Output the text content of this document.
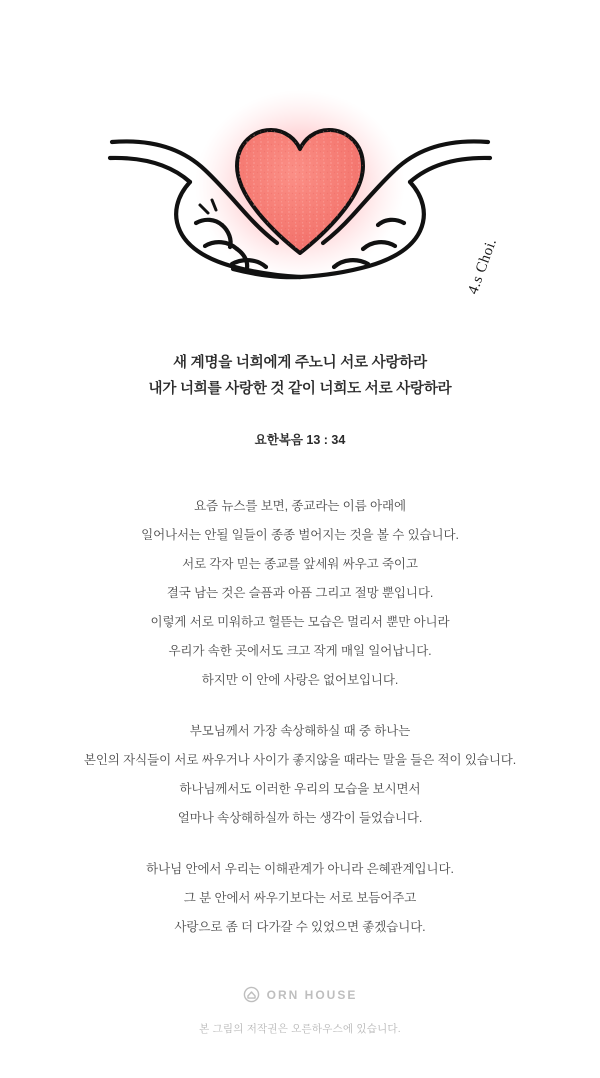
4.s Choi.
새 계명을 너희에게 주노니 서로 사랑하라
내가 너희를 사랑한 것 같이 너희도 서로 사랑하라
요한복음 13 : 34
요즘 뉴스를 보면, 종교라는 이름 아래에
일어나서는 안될 일들이 종종 벌어지는 것을 볼 수 있습니다.
서로 각자 믿는 종교를 앞세워 싸우고 죽이고
결국 남는 것은 슬픔과 아픔 그리고 절망 뿐입니다.
이렇게 서로 미워하고 헐뜯는 모습은 멀리서 뿐만 아니라
우리가 속한 곳에서도 크고 작게 매일 일어납니다.
하지만 이 안에 사랑은 없어보입니다.
부모님께서 가장 속상해하실 때 중 하나는
본인의 자식들이 서로 싸우거나 사이가 좋지않을 때라는 말을 들은 적이 있습니다.
하나님께서도 이러한 우리의 모습을 보시면서
얼마나 속상해하실까 하는 생각이 들었습니다.
하나님 안에서 우리는 이해관계가 아니라 은혜관계입니다.
그 분 안에서 싸우기보다는 서로 보듬어주고
사랑으로 좀 더 다가갈 수 있었으면 좋겠습니다.
ORN HOUSE
본 그림의 저작권은 오른하우스에 있습니다.
